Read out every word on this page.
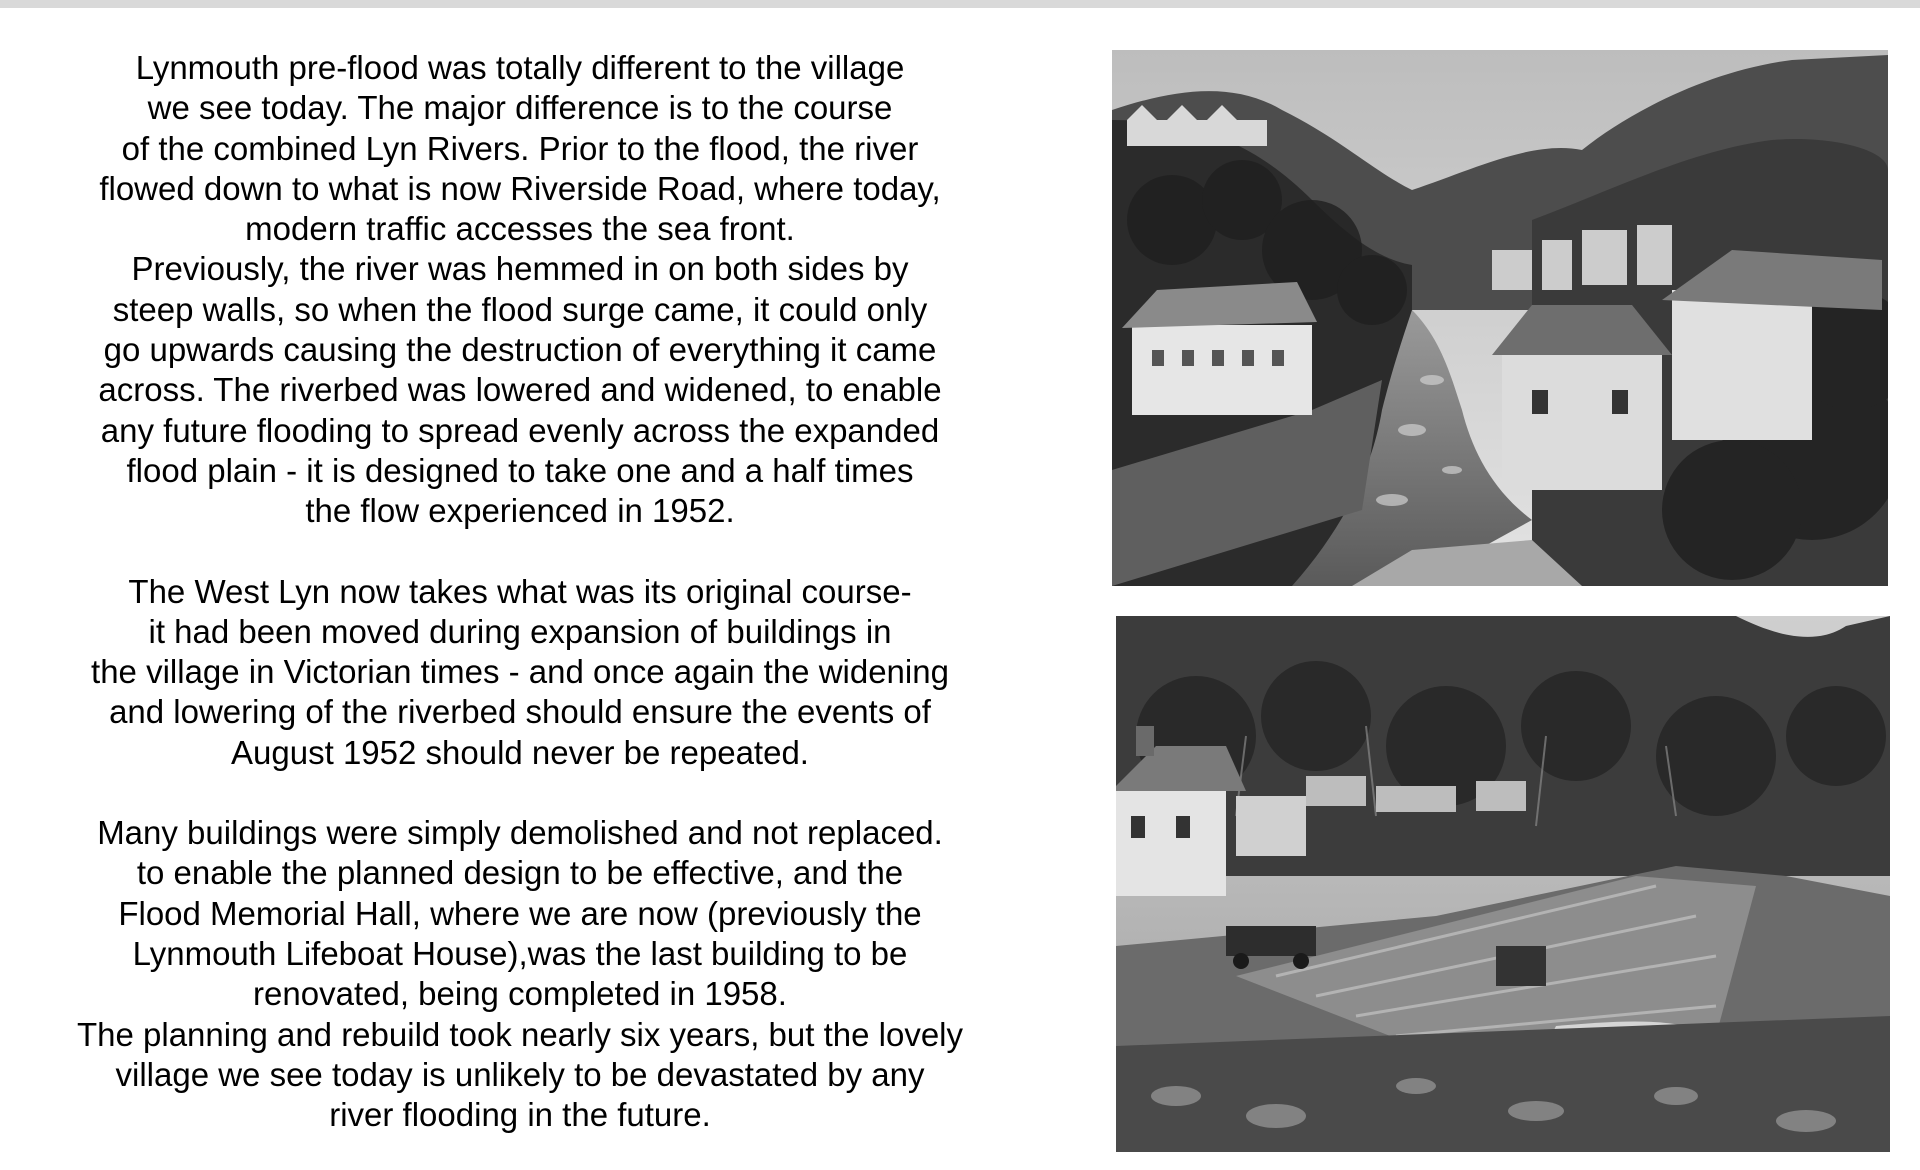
Lynmouth pre-flood was totally different to the village

we see today. The major difference is to the course

of the combined Lyn Rivers. Prior to the flood, the river

flowed down to what is now Riverside Road, where today,

modern traffic accesses the sea front.

Previously, the river was hemmed in on both sides by

steep walls, so when the flood surge came, it could only

go upwards causing the destruction of everything it came

across. The riverbed was lowered and widened, to enable

any future flooding to spread evenly across the expanded

flood plain - it is designed to take one and a half times

the flow experienced in 1952.

The West Lyn now takes what was its original course-

it had been moved during expansion of buildings in

the village in Victorian times - and once again the widening

and lowering of the riverbed should ensure the events of

August 1952 should never be repeated.

Many buildings were simply demolished and not replaced.

to enable the planned design to be effective, and the

Flood Memorial Hall, where we are now (previously the

Lynmouth Lifeboat House),was the last building to be

renovated, being completed in 1958.

The planning and rebuild took nearly six years, but the lovely

village we see today is unlikely to be devastated by any

river flooding in the future.
